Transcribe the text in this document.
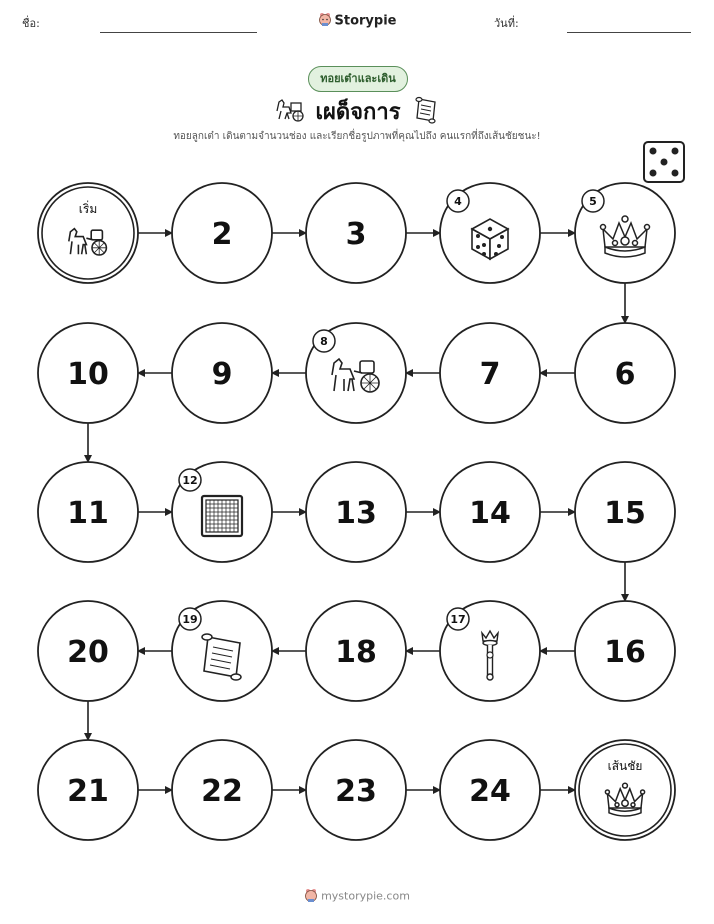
ชื่อ:	วันที่:
Storypie
ทอยเต๋าและเดิน
เผด็จการ
ทอยลูกเต๋า เดินตามจำนวนช่อง และเรียกชื่อรูปภาพที่คุณไปถึง คนแรกที่ถึงเส้นชัยชนะ!
เริ่ม
2	3
4	5
6
7
8
9
10
11
12
13	14	15
16
17
18
19
20
21	22	23	24
เส้นชัย
mystorypie.com
